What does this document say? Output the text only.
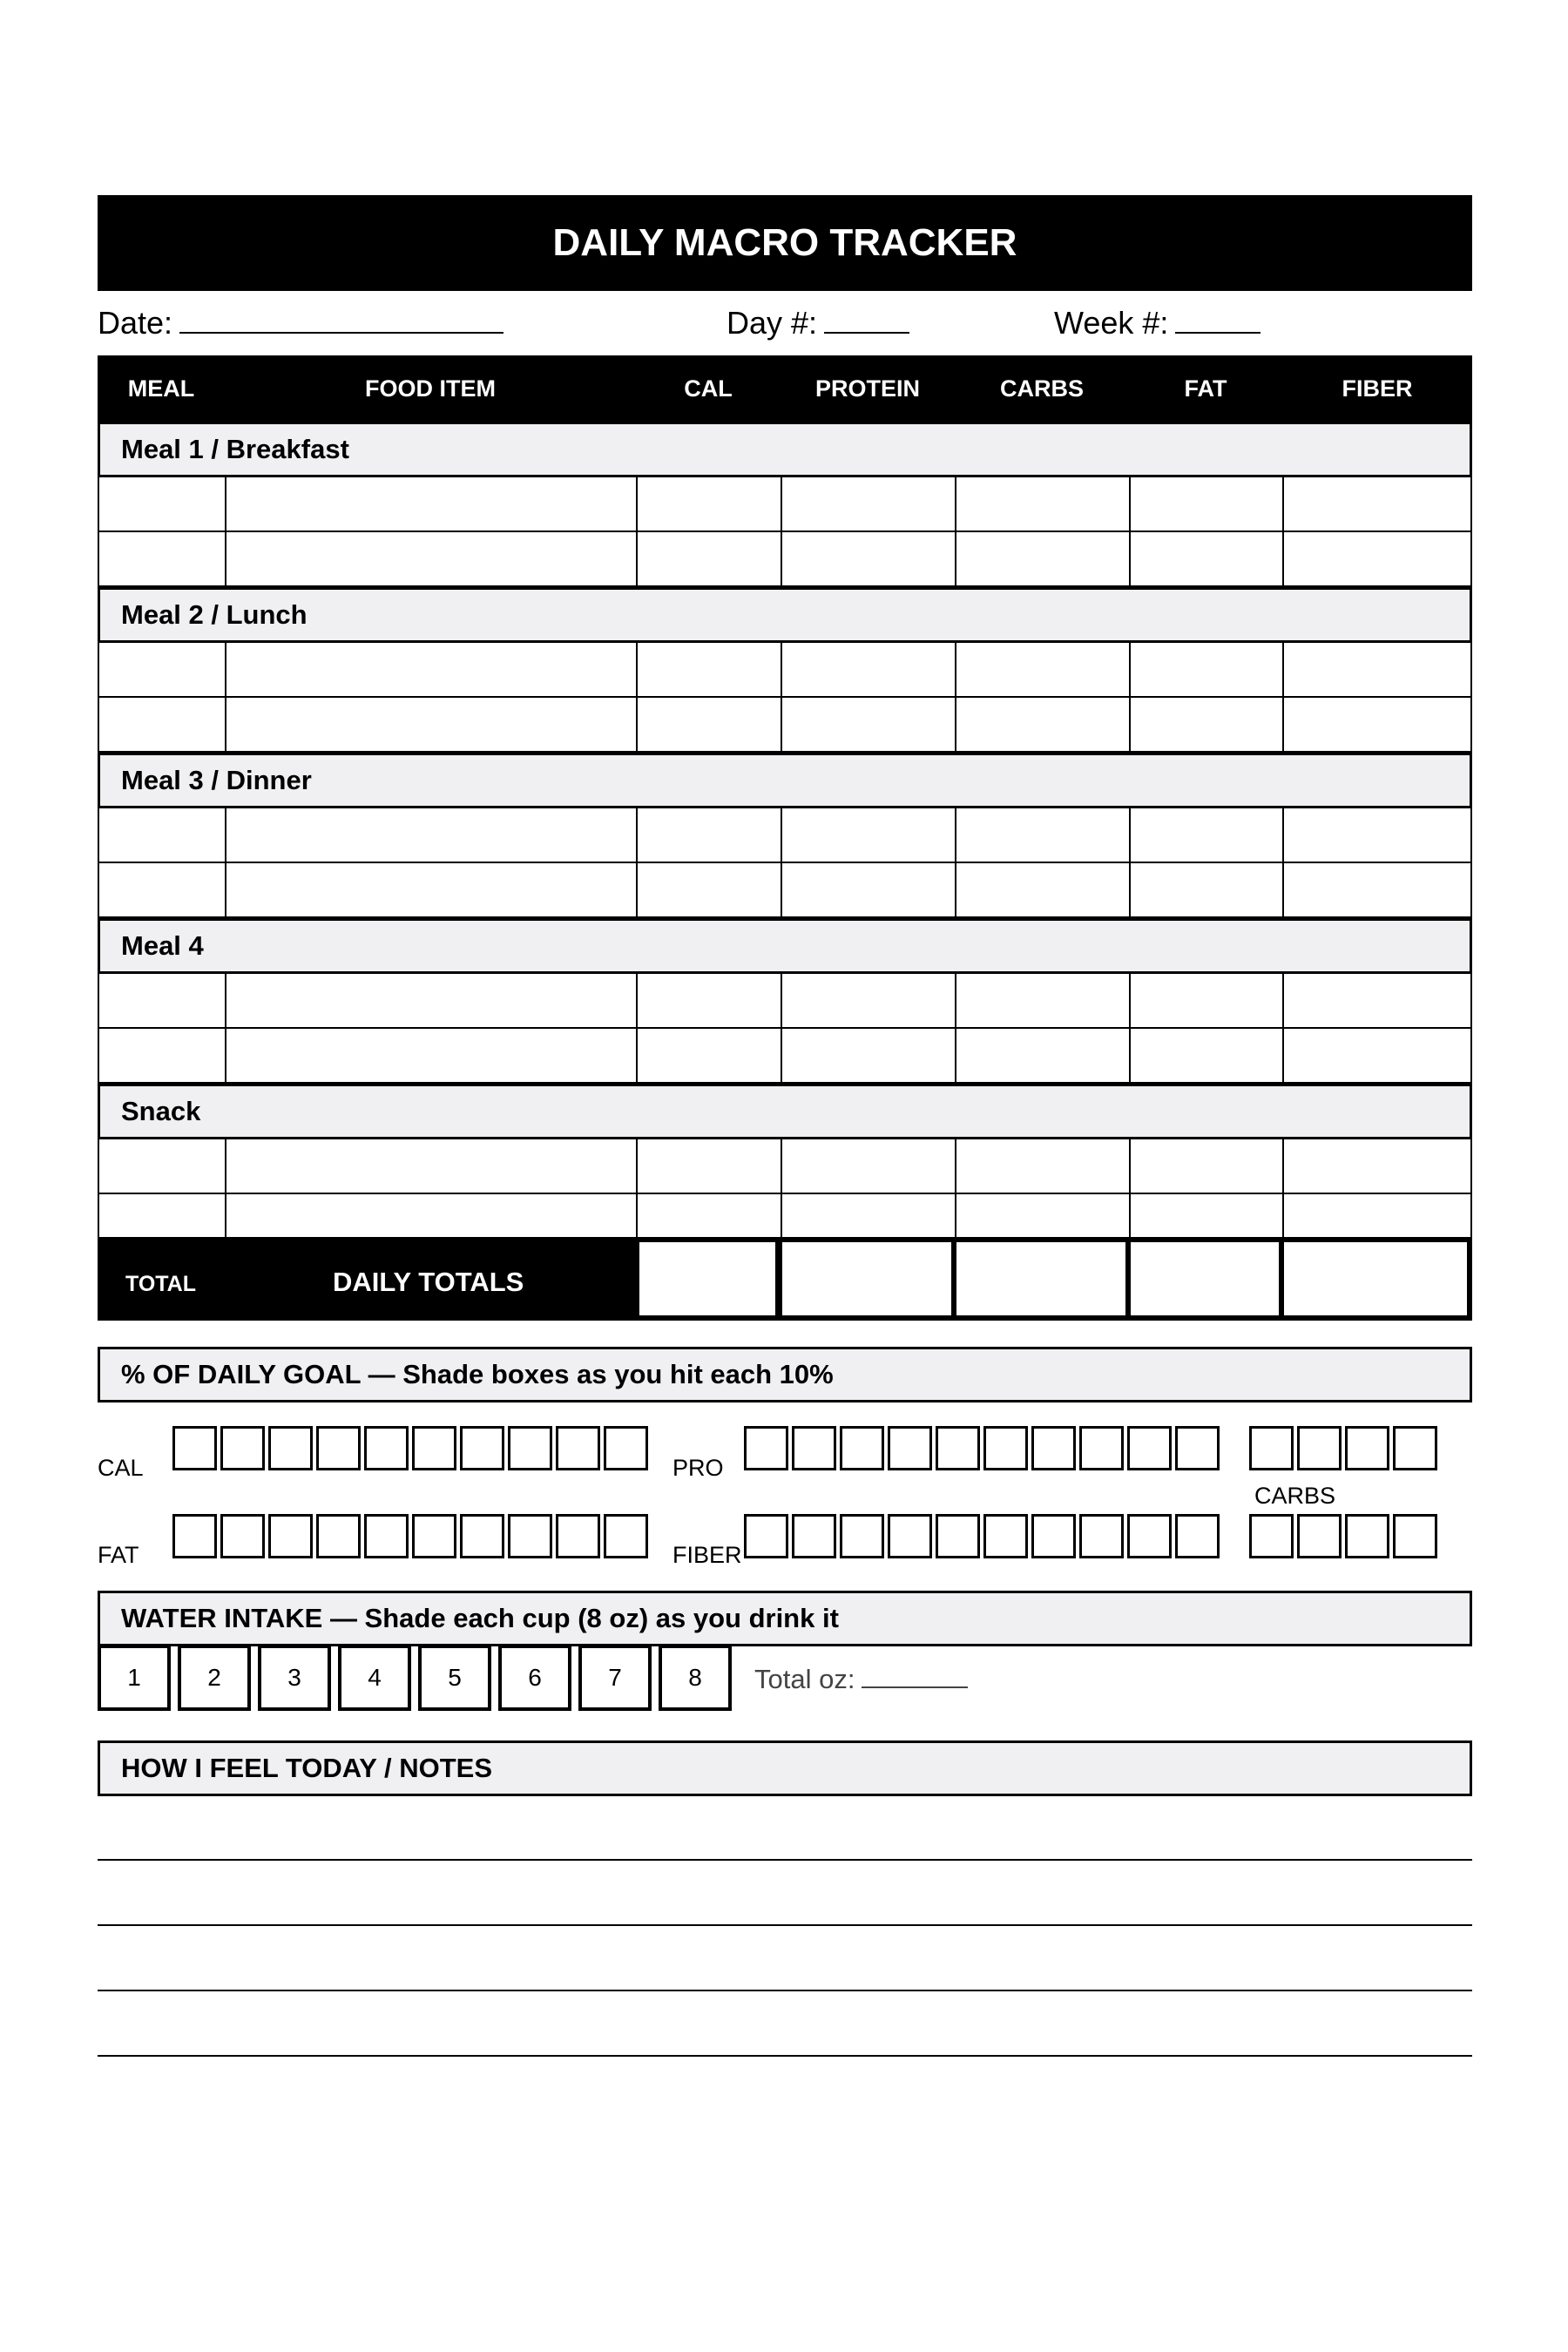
DAILY MACRO TRACKER
Date:	Day #:	Week #:
MEAL	FOOD ITEM	CAL	PROTEIN	CARBS	FAT	FIBER
Meal 1 / Breakfast
Meal 2 / Lunch
Meal 3 / Dinner
Meal 4
Snack
TOTAL	DAILY TOTALS
% OF DAILY GOAL — Shade boxes as you hit each 10%
CAL	PRO
CARBS
FAT	FIBER
WATER INTAKE — Shade each cup (8 oz) as you drink it
1	2	3	4	5	6	7	8	Total oz:
HOW I FEEL TODAY / NOTES
